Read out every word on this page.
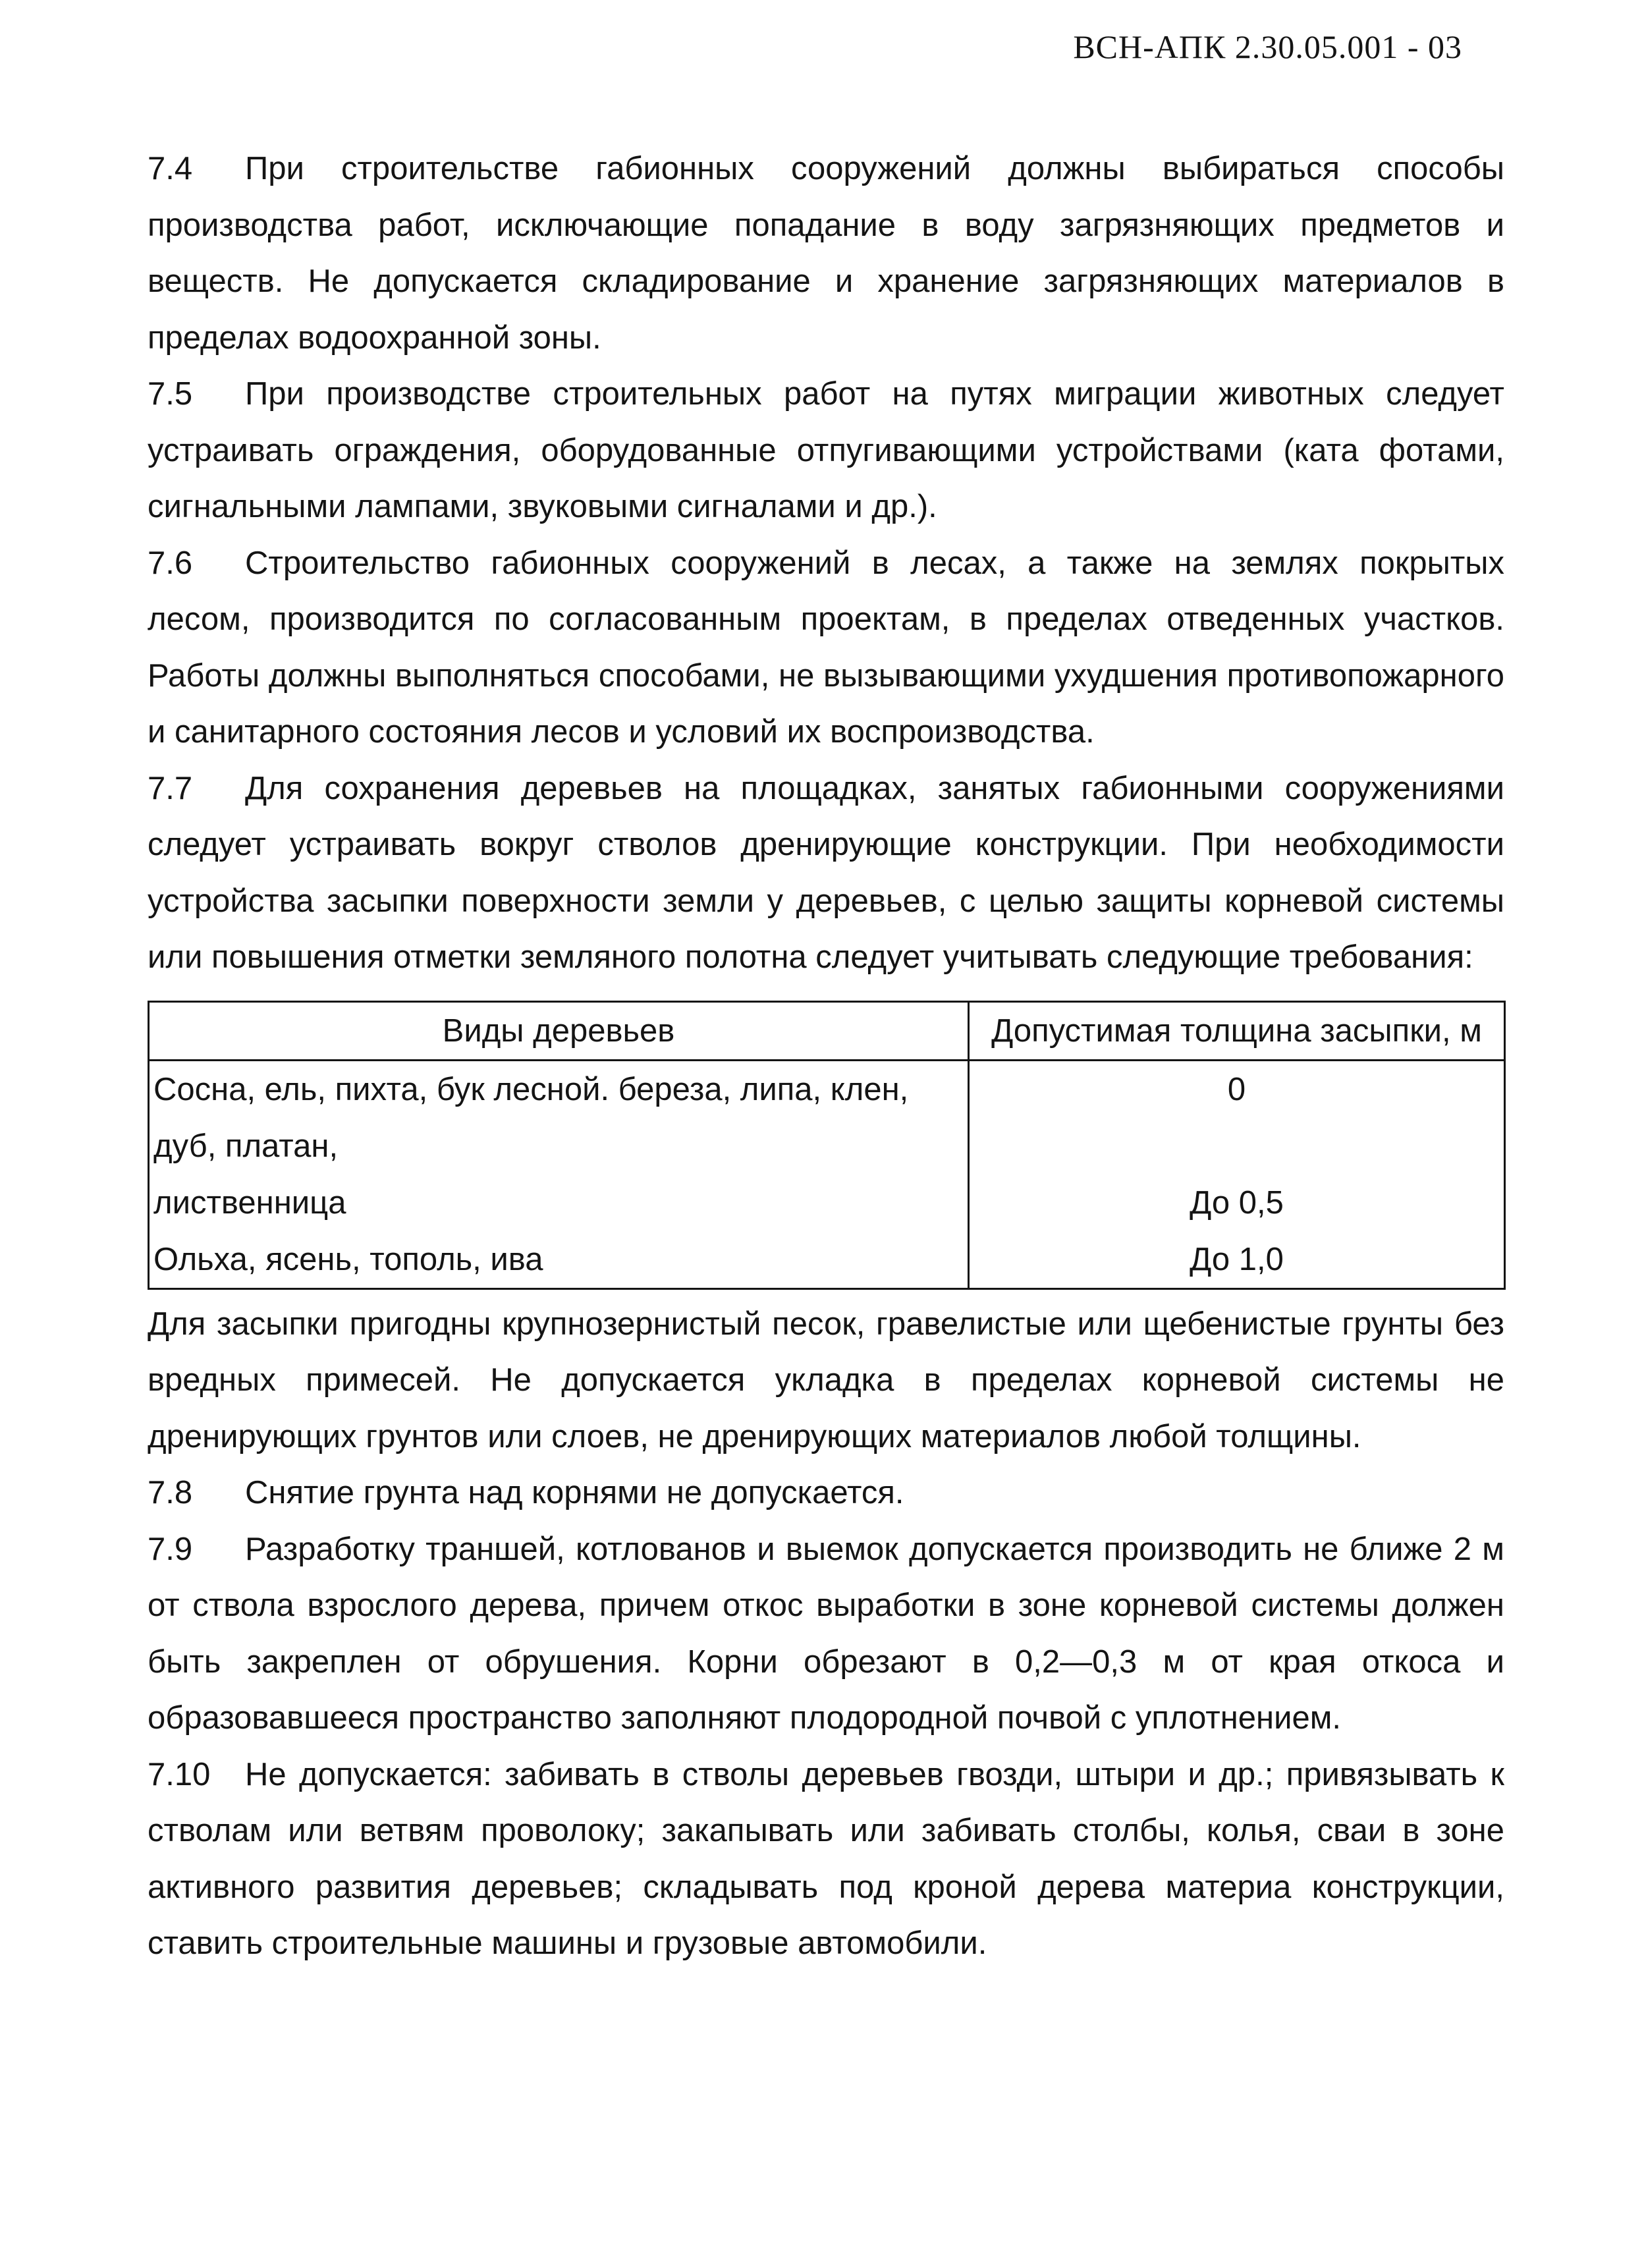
ВСН-АПК 2.30.05.001 - 03

7.4 При строительстве габионных сооружений должны выбираться способы производства работ, исключающие попадание в воду загрязняющих предметов и веществ. Не допускается складирование и хранение загрязняющих материалов в пределах водоохранной зоны.

7.5 При производстве строительных работ на путях миграции животных следует устраивать ограждения, оборудованные отпугивающими устройствами (ката фотами, сигнальными лампами, звуковыми сигналами и др.).

7.6 Строительство габионных сооружений в лесах, а также на землях покрытых лесом, производится по согласованным проектам, в пределах отведенных участков. Работы должны выполняться способами, не вызывающими ухудшения противопожарного и санитарного состояния лесов и условий их воспроизводства.

7.7 Для сохранения деревьев на площадках, занятых габионными сооружениями следует устраивать вокруг стволов дренирующие конструкции. При необходимости устройства засыпки поверхности земли у деревьев, с целью защиты корневой системы или повышения отметки земляного полотна следует учитывать следующие требования:

Виды деревьев	Допустимая толщина засыпки, м
Сосна, ель, пихта, бук лесной. береза, липа, клен,	0
дуб, платан,	
лиственница	До 0,5
Ольха, ясень, тополь, ива	До 1,0

Для засыпки пригодны крупнозернистый песок, гравелистые или щебенистые грунты без вредных примесей. Не допускается укладка в пределах корневой системы не дренирующих грунтов или слоев, не дренирующих материалов любой толщины.

7.8 Снятие грунта над корнями не допускается.

7.9 Разработку траншей, котлованов и выемок допускается производить не ближе 2 м от ствола взрослого дерева, причем откос выработки в зоне корневой системы должен быть закреплен от обрушения. Корни обрезают в 0,2—0,3 м от края откоса и образовавшееся пространство заполняют плодородной почвой с уплотнением.

7.10 Не допускается: забивать в стволы деревьев гвозди, штыри и др.; привязывать к стволам или ветвям проволоку; закапывать или забивать столбы, колья, сваи в зоне активного развития деревьев; складывать под кроной дерева материа конструкции, ставить строительные машины и грузовые автомобили.
